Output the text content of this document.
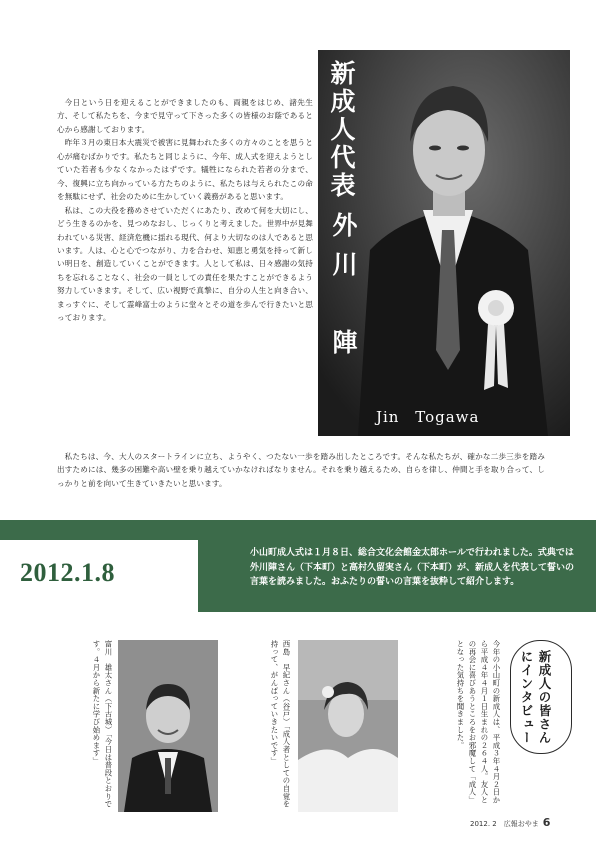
今日という日を迎えることができましたのも、両親をはじめ、諸先生方、そして私たちを、今まで見守って下さった多くの皆様のお蔭であると心から感謝しております。

昨年３月の東日本大震災で被害に見舞われた多くの方々のことを思うと心が痛むばかりです。私たちと同じように、今年、成人式を迎えようとしていた若者も少なくなかったはずです。犠牲になられた若者の分まで、今、復興に立ち向かっている方たちのように、私たちは与えられたこの命を無駄にせず、社会のために生かしていく義務があると思います。

私は、この大役を務めさせていただくにあたり、改めて何を大切にし、どう生きるのかを、見つめなおし、じっくりと考えました。世界中が見舞われている災害、経済危機に揺れる現代、何より大切なのは人であると思います。人は、心と心でつながり、力を合わせ、知恵と勇気を持って新しい明日を、創造していくことができます。人として私は、日々感謝の気持ちを忘れることなく、社会の一員としての責任を果たすことができるよう努力していきます。そして、広い視野で真摯に、自分の人生と向き合い、まっすぐに、そして霊峰富士のように堂々とその道を歩んで行きたいと思っております。

私たちは、今、大人のスタートラインに立ち、ようやく、つたない一歩を踏み出したところです。そんな私たちが、確かな二歩三歩を踏み出すためには、幾多の困難や高い壁を乗り越えていかなければなりません。それを乗り越えるため、自らを律し、仲間と手を取り合って、しっかりと前を向いて生きていきたいと思います。
新成人代表
外川　陣
Jin Togawa
2012.1.8
小山町成人式は１月８日、総合文化会館金太郎ホールで行われました。式典では外川陣さん（下本町）と高村久留実さん（下本町）が、新成人を代表して誓いの言葉を読みました。おふたりの誓いの言葉を抜粋して紹介します。
新成人の皆さんにインタビュー
今年の小山町の新成人は、平成３年４月２日から平成４年４月１日生まれの２６４人。友人との再会に喜びあうところをお邪魔して「成人」となった気持ちを聞きました。
西島　早紀さん（谷戸）「成人者としての自覚を持って、がんばっていきたいです」
富川　雄太さん（下古城）「今日は普段とおりです。４月から新たに学び始めます」
2012. 2　広報おやま 6
